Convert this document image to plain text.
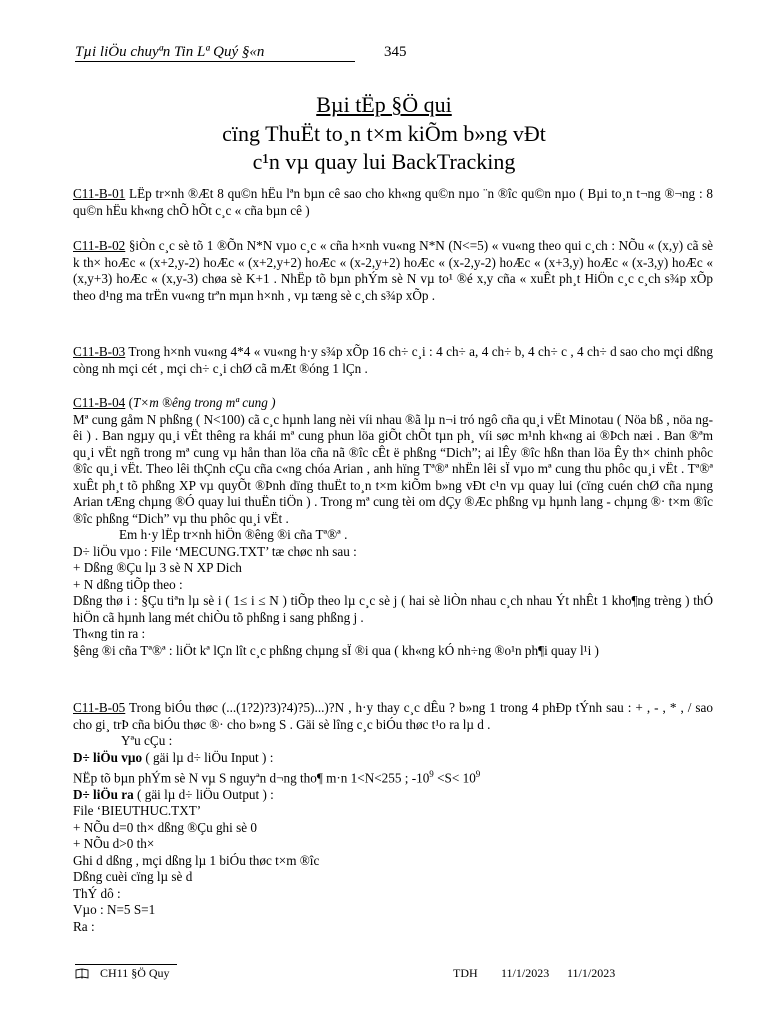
Tµi liÖu chuyªn Tin Lª Quý §«n	345
Bµi tËp §Ö qui
cïng ThuËt to¸n t×m kiÕm b»ng vÐt
c¹n vµ quay lui BackTracking

C11-B-01 LËp tr×nh ®Æt 8 qu©n hËu lªn bµn cê sao cho kh«ng qu©n nµo ¨n ®îc qu©n nµo ( Bµi to¸n t¬ng ®¬ng : 8 qu©n hËu kh«ng chÕ hÕt c¸c « cña bµn cê )

C11-B-02 §iÒn c¸c sè tõ 1 ®Õn N*N vµo c¸c « cña h×nh vu«ng N*N (N<=5) « vu«ng theo qui c¸ch : NÕu « (x,y) cã sè k th× hoÆc « (x+2,y-2) hoÆc « (x+2,y+2) hoÆc « (x-2,y+2) hoÆc « (x-2,y-2) hoÆc « (x+3,y) hoÆc « (x-3,y) hoÆc « (x,y+3) hoÆc « (x,y-3) chøa sè K+1 . NhËp tõ bµn phÝm sè N vµ to¹ ®é x,y cña « xuÊt ph¸t HiÖn c¸c c¸ch s¾p xÕp theo d¹ng ma trËn vu«ng trªn mµn h×nh , vµ tæng sè c¸ch s¾p xÕp .

C11-B-03 Trong h×nh vu«ng 4*4 « vu«ng h·y s¾p xÕp 16 ch÷ c¸i : 4 ch÷ a, 4 ch÷ b, 4 ch÷ c , 4 ch÷ d sao cho mçi dßng còng nh mçi cét , mçi ch÷ c¸i chØ cã mÆt ®óng 1 lÇn .

C11-B-04 (T×m ®êng trong mª cung )

Mª cung gåm N phßng ( N<100) cã c¸c hµnh lang nèi víi nhau ®ã lµ n¬i tró ngô cña qu¸i vËt Minotau ( Nöa bß , nöa ngêi ) . Ban ngµy qu¸i vËt thêng ra khái mª cung phun löa giÕt chÕt tµn ph¸ víi søc m¹nh kh«ng ai ®Þch næi . Ban ®ªm qu¸i vËt ngñ trong mª cung vµ hån than löa cña nã ®îc cÊt ë phßng “Dich”; ai lÊy ®îc hßn than löa Êy th× chinh phôc ®îc qu¸i vËt. Theo lêi thÇnh cÇu cña c«ng chóa Arian , anh hïng Tª®ª nhËn lêi sÏ vµo mª cung thu phôc qu¸i vËt . Tª®ª xuÊt ph¸t tõ phßng XP vµ quyÕt ®Þnh dïng thuËt to¸n t×m kiÕm b»ng vÐt c¹n vµ quay lui (cïng cuén chØ cña nµng Arian tÆng chµng ®Ó quay lui thuËn tiÖn ) . Trong mª cung tèi om dÇy ®Æc phßng vµ hµnh lang - chµng ®· t×m ®îc ®îc phßng “Dich” vµ thu phôc qu¸i vËt .

Em h·y lËp tr×nh hiÖn ®êng ®i cña Tª®ª .

D÷ liÖu vµo : File ‘MECUNG.TXT’ tæ chøc nh sau :

+ Dßng ®Çu lµ 3 sè N XP Dich

+ N dßng tiÕp theo :

Dßng thø i : §Çu tiªn lµ sè i ( 1≤ i ≤ N ) tiÕp theo lµ c¸c sè j ( hai sè liÒn nhau c¸ch nhau Ýt nhÊt 1 kho¶ng trèng ) thÓ hiÖn cã hµnh lang mét chiÒu tõ phßng i sang phßng j .

Th«ng tin ra :

§êng ®i cña Tª®ª : liÖt kª lÇn lît c¸c phßng chµng sÏ ®i qua ( kh«ng kÓ nh÷ng ®o¹n ph¶i quay l¹i )

C11-B-05 Trong biÓu thøc (...(1?2)?3)?4)?5)...)?N , h·y thay c¸c dÊu ? b»ng 1 trong 4 phÐp tÝnh sau : + , - , * , / sao cho gi¸ trÞ cña biÓu thøc ®· cho b»ng S . Gäi sè lîng c¸c biÓu thøc t¹o ra lµ d .

Yªu cÇu :

D÷ liÖu vµo ( gäi lµ d÷ liÖu Input ) :

NËp tõ bµn phÝm sè N vµ S nguyªn d¬ng tho¶ m·n 1<N<255 ; $-10^9 <S< 10^9$

D÷ liÖu ra ( gäi lµ d÷ liÖu Output ) :

File ‘BIEUTHUC.TXT’

+ NÕu d=0 th× dßng ®Çu ghi sè 0

+ NÕu d>0 th×

Ghi d dßng , mçi dßng lµ 1 biÓu thøc t×m ®îc

Dßng cuèi cïng lµ sè d

ThÝ dô :

Vµo : N=5 S=1

Ra :

CH11 §Ö Quy	TDH 11/1/2023 11/1/2023
